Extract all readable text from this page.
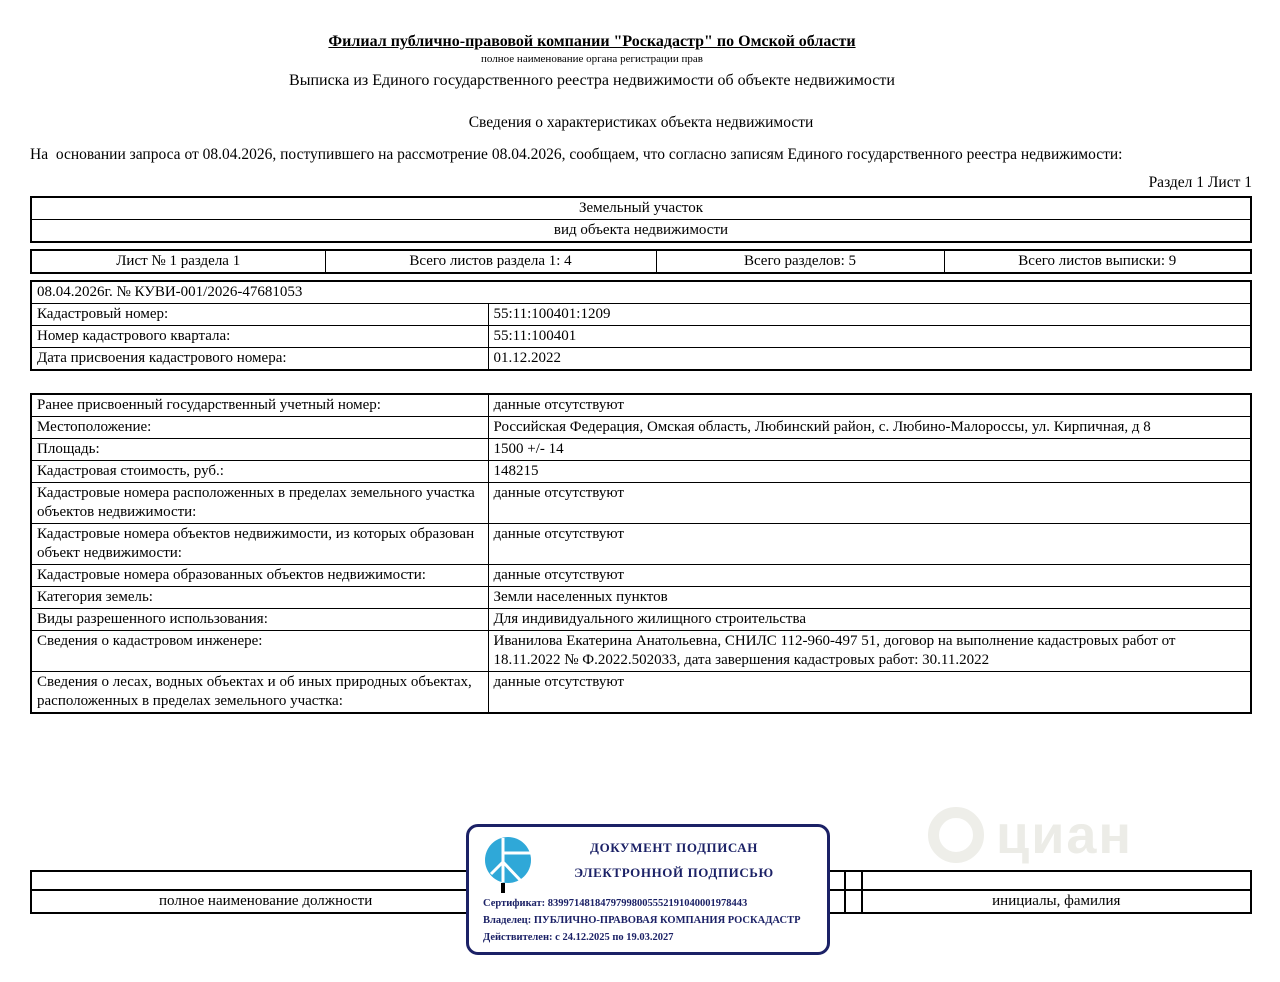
Филиал публично-правовой компании "Роскадастр" по Омской области
полное наименование органа регистрации прав
Выписка из Единого государственного реестра недвижимости об объекте недвижимости
Сведения о характеристиках объекта недвижимости
На  основании запроса от 08.04.2026, поступившего на рассмотрение 08.04.2026, сообщаем, что согласно записям Единого государственного реестра недвижимости:
Раздел 1 Лист 1
Земельный участок
вид объекта недвижимости
Лист № 1 раздела 1	Всего листов раздела 1: 4	Всего разделов: 5	Всего листов выписки: 9
08.04.2026г. № КУВИ-001/2026-47681053	
Кадастровый номер:	55:11:100401:1209
Номер кадастрового квартала:	55:11:100401
Дата присвоения кадастрового номера:	01.12.2022
Ранее присвоенный государственный учетный номер:	данные отсутствуют
Местоположение:	Российская Федерация, Омская область, Любинский район, с. Любино-Малороссы, ул. Кирпичная, д 8
Площадь:	1500 +/- 14
Кадастровая стоимость, руб.:	148215
Кадастровые номера расположенных в пределах земельного участка объектов недвижимости:	данные отсутствуют
Кадастровые номера объектов недвижимости, из которых образован объект недвижимости:	данные отсутствуют
Кадастровые номера образованных объектов недвижимости:	данные отсутствуют
Категория земель:	Земли населенных пунктов
Виды разрешенного использования:	Для индивидуального жилищного строительства
Сведения о кадастровом инженере:	Иванилова Екатерина Анатольевна, СНИЛС 112-960-497 51, договор на выполнение кадастровых работ от 18.11.2022 № Ф.2022.502033, дата завершения кадастровых работ: 30.11.2022
Сведения о лесах, водных объектах и об иных природных объектах, расположенных в пределах земельного участка:	данные отсутствуют
циан

полное наименование должности			инициалы, фамилия
ДОКУМЕНТ ПОДПИСАН
ЭЛЕКТРОННОЙ ПОДПИСЬЮ
Сертификат: 83997148184797998005552191040001978443
Владелец: ПУБЛИЧНО-ПРАВОВАЯ КОМПАНИЯ РОСКАДАСТР
Действителен: с 24.12.2025 по 19.03.2027
